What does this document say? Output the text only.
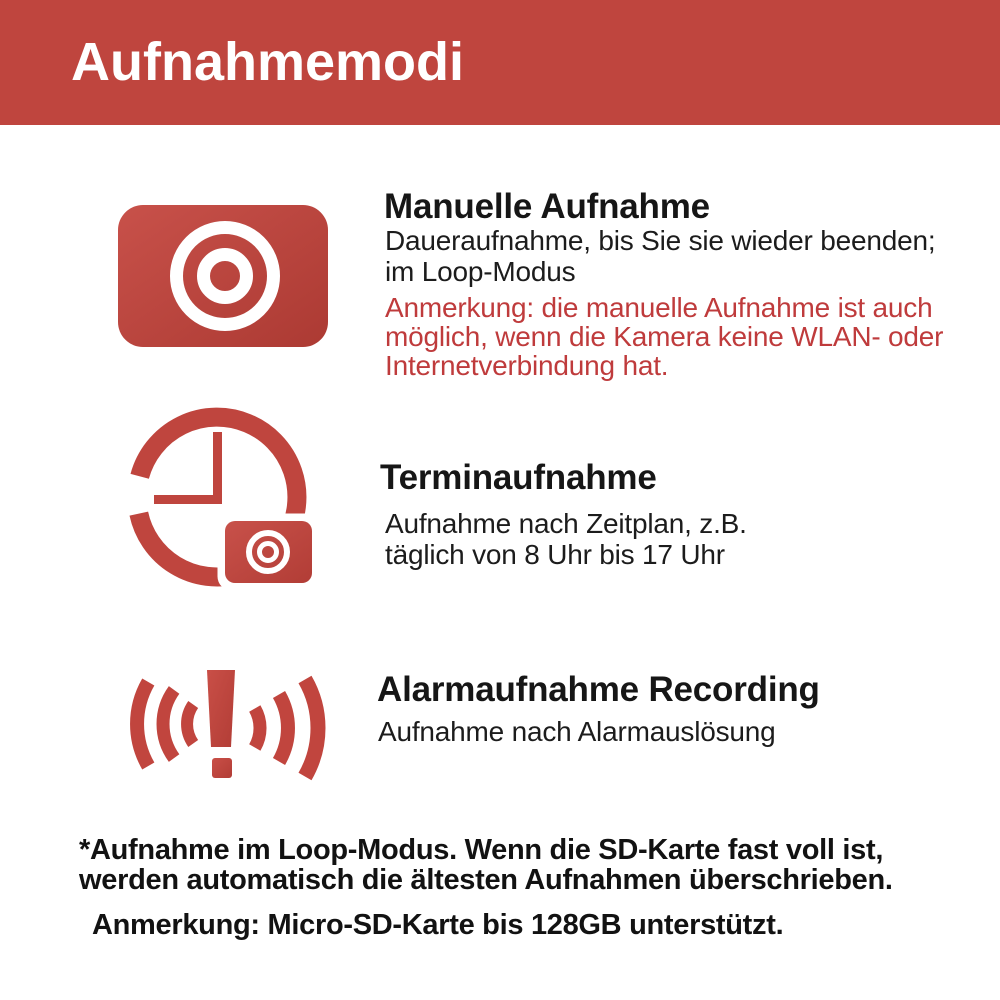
Aufnahmemodi
Manuelle Aufnahme
Daueraufnahme, bis Sie sie wieder beenden;
im Loop-Modus
Anmerkung: die manuelle Aufnahme ist auch
möglich, wenn die Kamera keine WLAN- oder
Internetverbindung hat.
Terminaufnahme
Aufnahme nach Zeitplan, z.B.
täglich von 8 Uhr bis 17 Uhr
Alarmaufnahme Recording
Aufnahme nach Alarmauslösung
*Aufnahme im Loop-Modus. Wenn die SD-Karte fast voll ist,
werden automatisch die ältesten Aufnahmen überschrieben.
Anmerkung: Micro-SD-Karte bis 128GB unterstützt.
